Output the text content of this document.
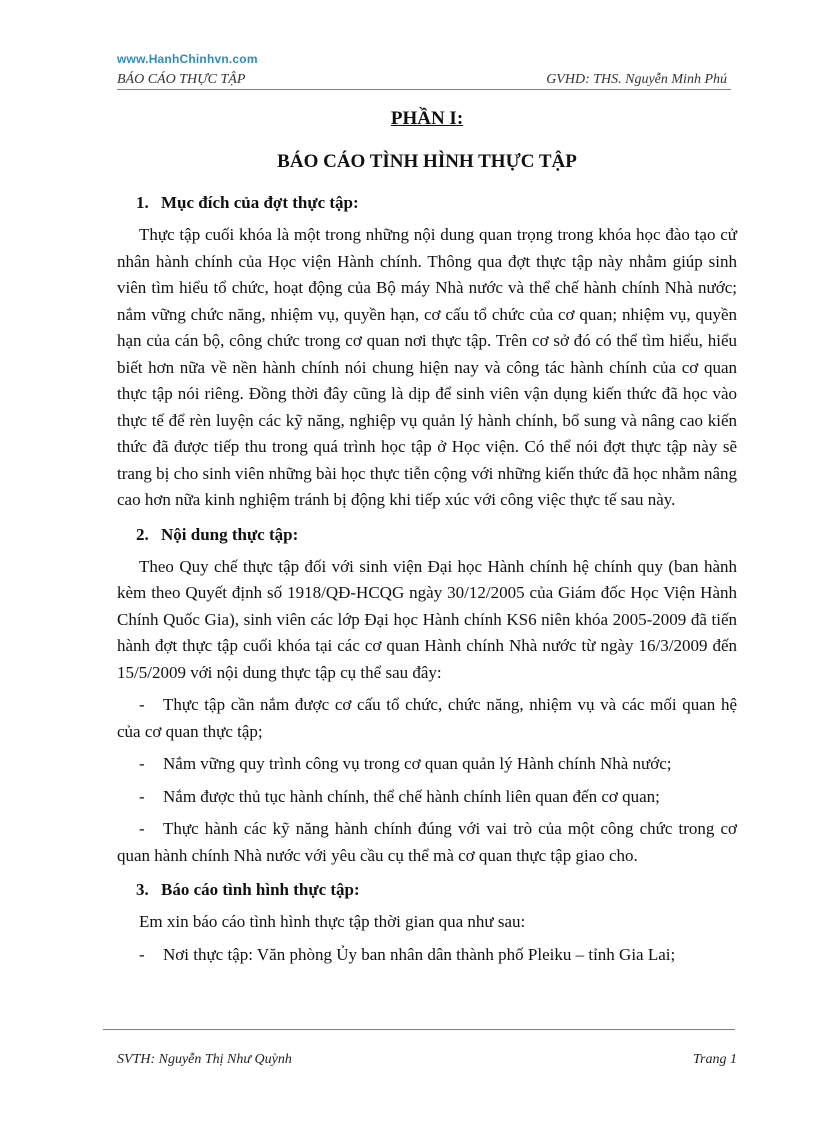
www.HanhChinhvn.com
BÁO CÁO THỰC TẬP	GVHD: THS. Nguyễn Minh Phú
PHẦN I:
BÁO CÁO TÌNH HÌNH THỰC TẬP
1. Mục đích của đợt thực tập:

Thực tập cuối khóa là một trong những nội dung quan trọng trong khóa học đào tạo cử nhân hành chính của Học viện Hành chính. Thông qua đợt thực tập này nhằm giúp sinh viên tìm hiểu tổ chức, hoạt động của Bộ máy Nhà nước và thể chế hành chính Nhà nước; nắm vững chức năng, nhiệm vụ, quyền hạn, cơ cấu tổ chức của cơ quan; nhiệm vụ, quyền hạn của cán bộ, công chức trong cơ quan nơi thực tập. Trên cơ sở đó có thể tìm hiểu, hiểu biết hơn nữa về nền hành chính nói chung hiện nay và công tác hành chính của cơ quan thực tập nói riêng. Đồng thời đây cũng là dịp để sinh viên vận dụng kiến thức đã học vào thực tế để rèn luyện các kỹ năng, nghiệp vụ quản lý hành chính, bổ sung và nâng cao kiến thức đã được tiếp thu trong quá trình học tập ở Học viện. Có thể nói đợt thực tập này sẽ trang bị cho sinh viên những bài học thực tiễn cộng với những kiến thức đã học nhằm nâng cao hơn nữa kinh nghiệm tránh bị động khi tiếp xúc với công việc thực tế sau này.

2. Nội dung thực tập:

Theo Quy chế thực tập đối với sinh viện Đại học Hành chính hệ chính quy (ban hành kèm theo Quyết định số 1918/QĐ-HCQG ngày 30/12/2005 của Giám đốc Học Viện Hành Chính Quốc Gia), sinh viên các lớp Đại học Hành chính KS6 niên khóa 2005-2009 đã tiến hành đợt thực tập cuối khóa tại các cơ quan Hành chính Nhà nước từ ngày 16/3/2009 đến 15/5/2009 với nội dung thực tập cụ thể sau đây:

- Thực tập cần nắm được cơ cấu tổ chức, chức năng, nhiệm vụ và các mối quan hệ của cơ quan thực tập;
- Nắm vững quy trình công vụ trong cơ quan quản lý Hành chính Nhà nước;
- Nắm được thủ tục hành chính, thể chế hành chính liên quan đến cơ quan;
- Thực hành các kỹ năng hành chính đúng với vai trò của một công chức trong cơ quan hành chính Nhà nước với yêu cầu cụ thể mà cơ quan thực tập giao cho.
3. Báo cáo tình hình thực tập:
Em xin báo cáo tình hình thực tập thời gian qua như sau:
- Nơi thực tập: Văn phòng Ủy ban nhân dân thành phố Pleiku – tỉnh Gia Lai;
SVTH: Nguyễn Thị Như Quỳnh	Trang 1
